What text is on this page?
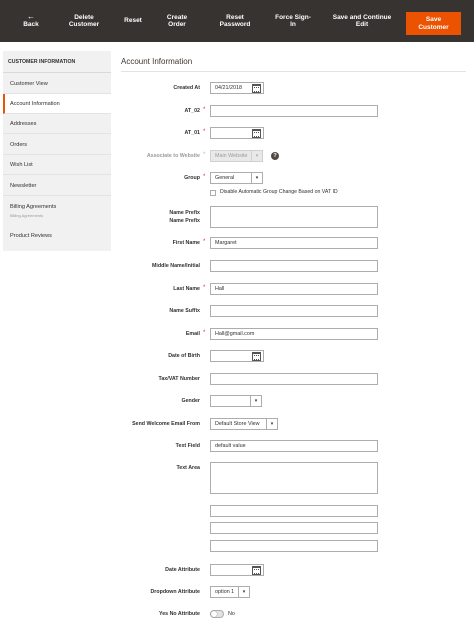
←
Back
Delete
Customer
Reset
Create
Order
Reset
Password
Force Sign-
In
Save and Continue
Edit
Save
Customer
CUSTOMER INFORMATION
Customer View
Account Information
Addresses
Orders
Wish List
Newsletter
Billing Agreements
Billing Agreements
Product Reviews
Account Information
Created At	04/21/2018
AT_02 *
AT_01 *
Associate to Website * Main Website	▾	?
Group * General	▾
Disable Automatic Group Change Based on VAT ID
Name Prefix
Name Prefix
First Name * Margaret
Middle Name/Initial
Last Name * Hall
Name Suffix
Email * Hall@gmail.com
Date of Birth
Tax/VAT Number
Gender	▾
Send Welcome Email From	Default Store View	▾
Text Field	default value
Text Area
Date Attribute
Dropdown Attribute	option 1	▾
Yes No Attribute	No
